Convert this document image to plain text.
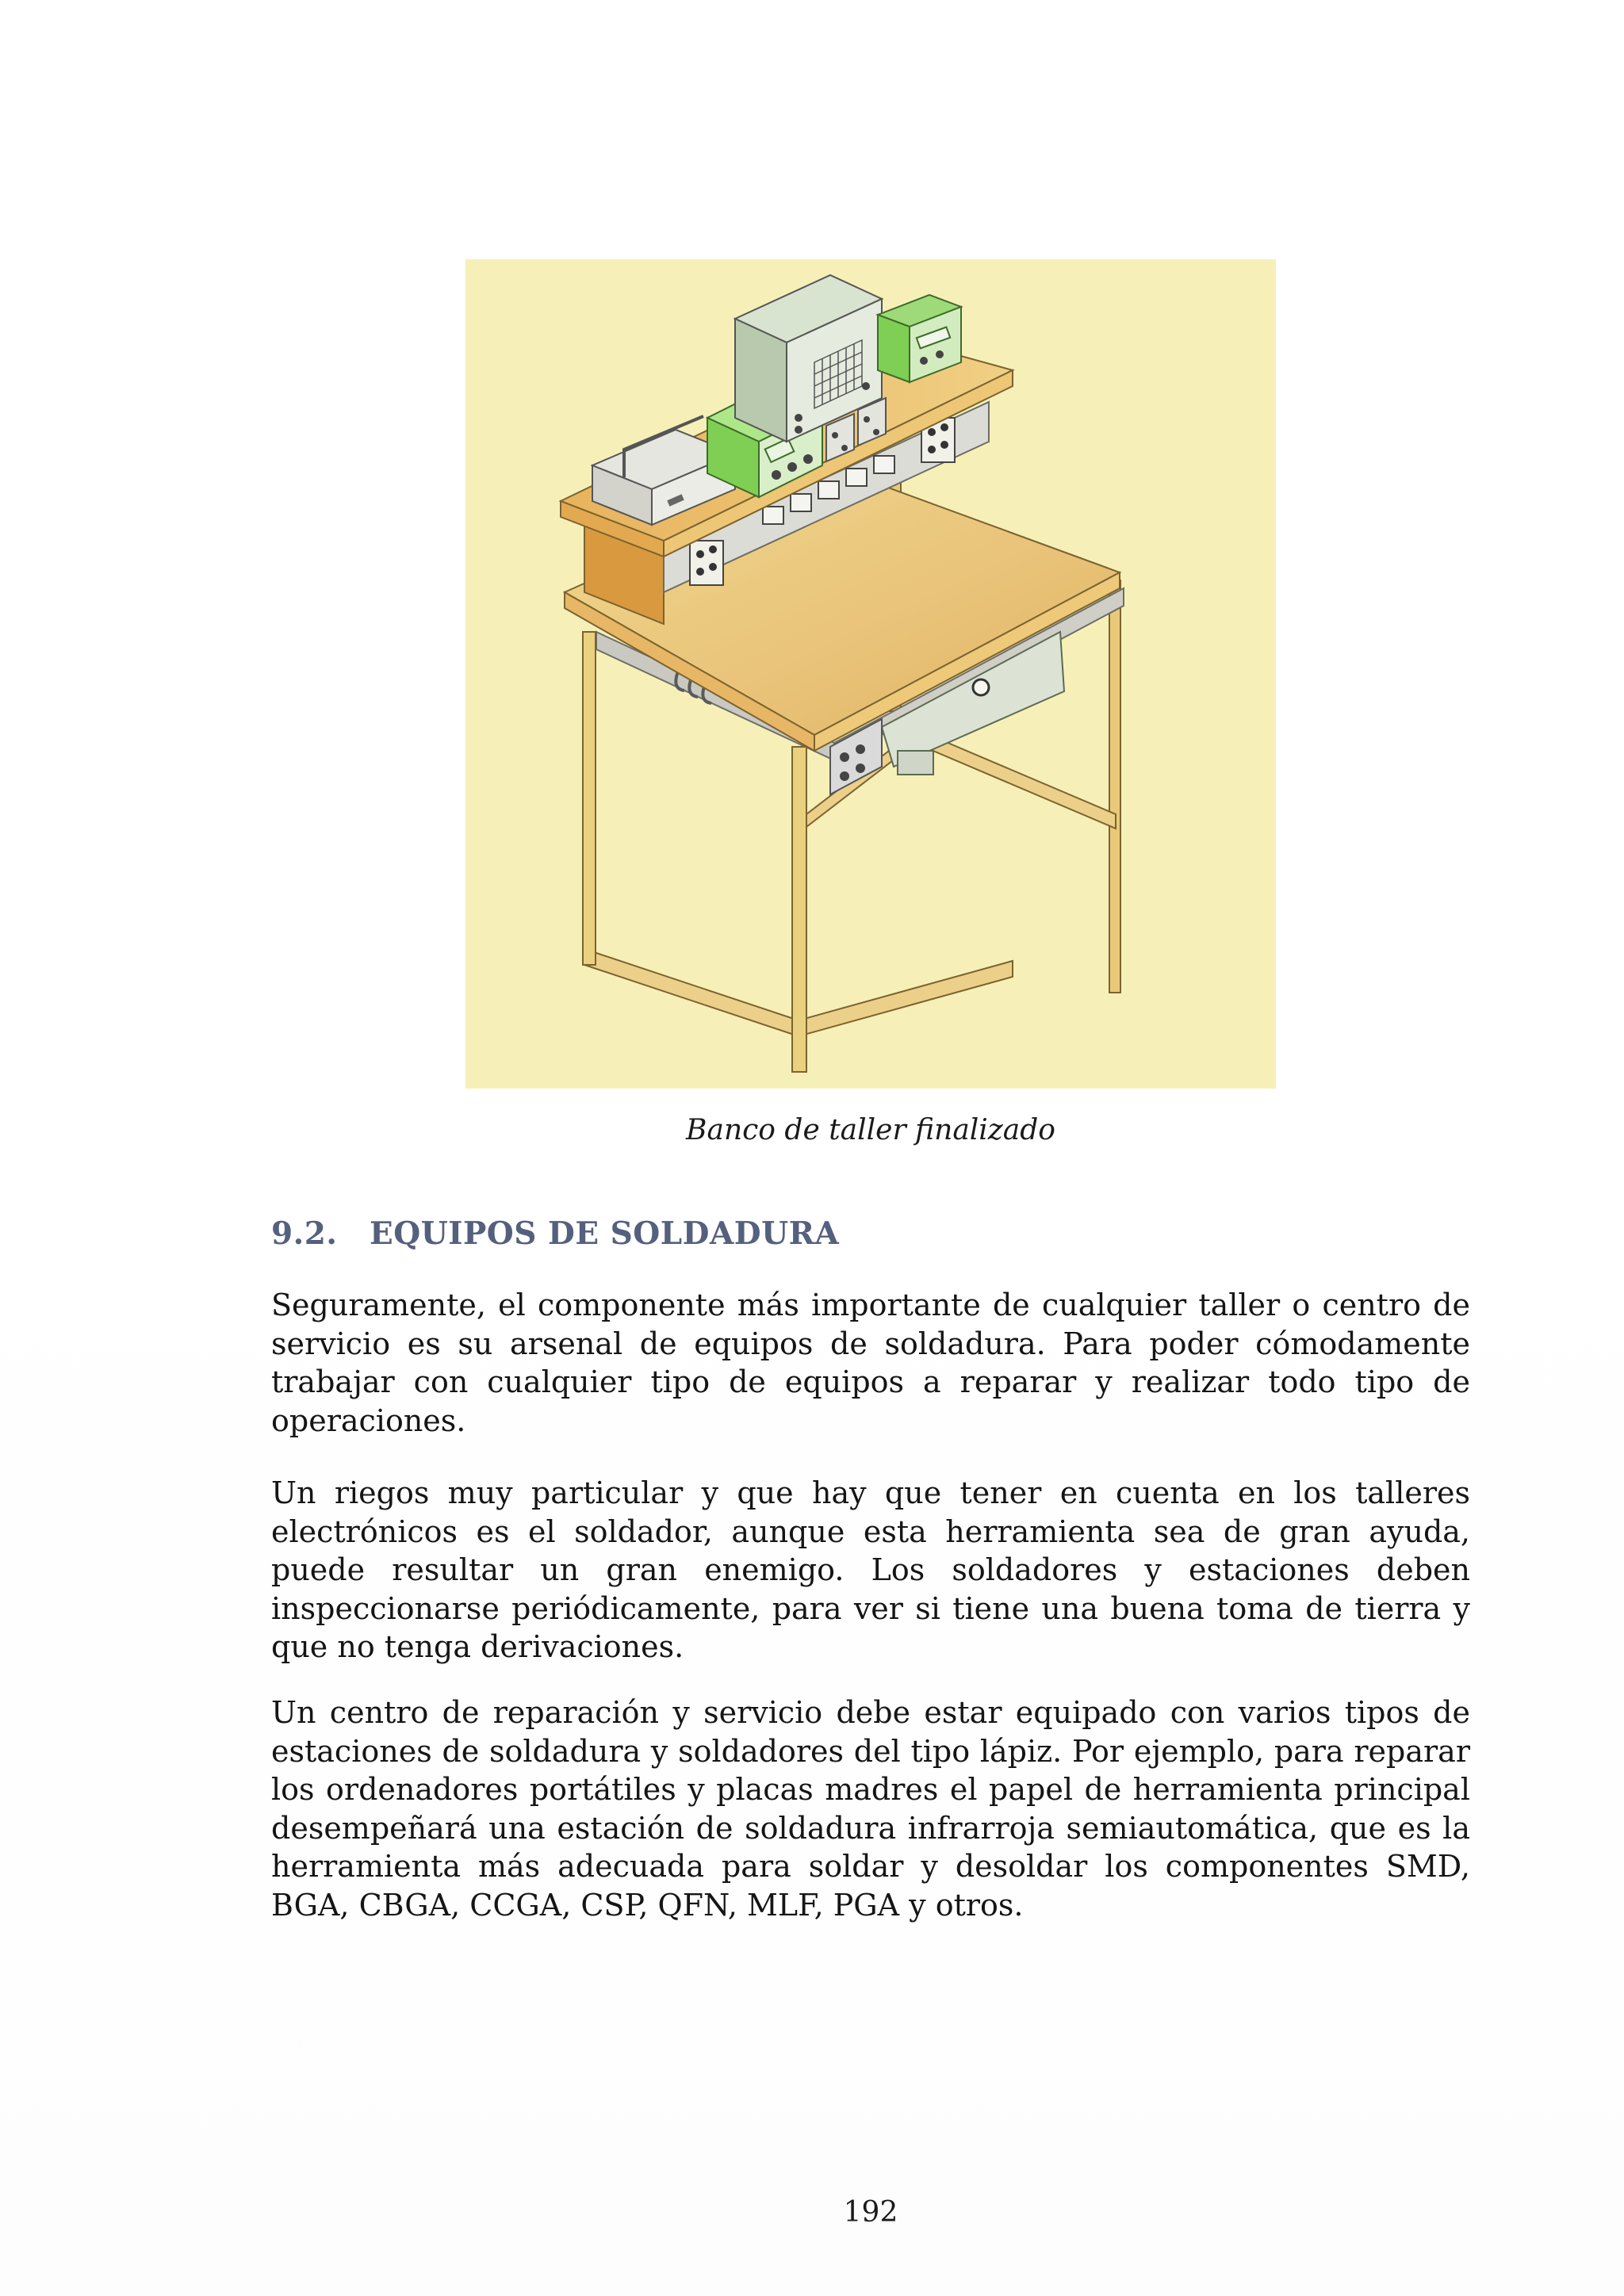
Banco de taller finalizado
9.2. EQUIPOS DE SOLDADURA

Seguramente, el componente más importante de cualquier taller o centro de servicio es su arsenal de equipos de soldadura. Para poder cómodamente trabajar con cualquier tipo de equipos a reparar y realizar todo tipo de operaciones.

Un riegos muy particular y que hay que tener en cuenta en los talleres electrónicos es el soldador, aunque esta herramienta sea de gran ayuda, puede resultar un gran enemigo. Los soldadores y estaciones deben inspeccionarse periódicamente, para ver si tiene una buena toma de tierra y que no tenga derivaciones.

Un centro de reparación y servicio debe estar equipado con varios tipos de estaciones de soldadura y soldadores del tipo lápiz. Por ejemplo, para reparar los ordenadores portátiles y placas madres el papel de herramienta principal desempeñará una estación de soldadura infrarroja semiautomática, que es la herramienta más adecuada para soldar y desoldar los componentes SMD, BGA, CBGA, CCGA, CSP, QFN, MLF, PGA y otros.

192
